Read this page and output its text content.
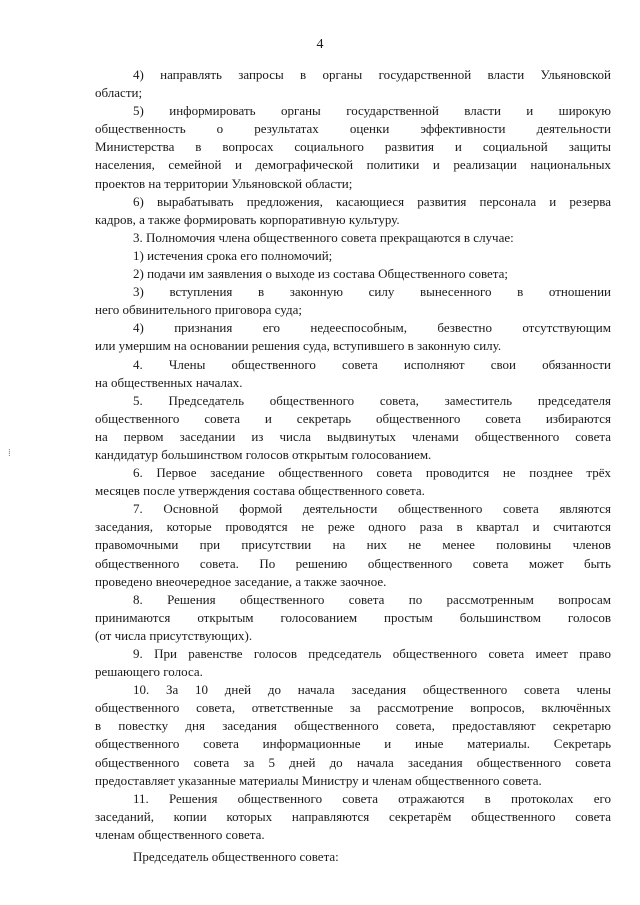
4
⁞
4) направлять запросы в органы государственной власти Ульяновской
области;
5) информировать органы государственной власти и широкую
общественность о результатах оценки эффективности деятельности
Министерства в вопросах социального развития и социальной защиты
населения, семейной и демографической политики и реализации национальных
проектов на территории Ульяновской области;
6) вырабатывать предложения, касающиеся развития персонала и резерва
кадров, а также формировать корпоративную культуру.
3. Полномочия члена общественного совета прекращаются в случае:
1) истечения срока его полномочий;
2) подачи им заявления о выходе из состава Общественного совета;
3) вступления в законную силу вынесенного в отношении
него обвинительного приговора суда;
4) признания его недееспособным, безвестно отсутствующим
или умершим на основании решения суда, вступившего в законную силу.
4. Члены общественного совета исполняют свои обязанности
на общественных началах.
5. Председатель общественного совета, заместитель председателя
общественного совета и секретарь общественного совета избираются
на первом заседании из числа выдвинутых членами общественного совета
кандидатур большинством голосов открытым голосованием.
6. Первое заседание общественного совета проводится не позднее трёх
месяцев после утверждения состава общественного совета.
7. Основной формой деятельности общественного совета являются
заседания, которые проводятся не реже одного раза в квартал и считаются
правомочными при присутствии на них не менее половины членов
общественного совета. По решению общественного совета может быть
проведено внеочередное заседание, а также заочное.
8. Решения общественного совета по рассмотренным вопросам
принимаются открытым голосованием простым большинством голосов
(от числа присутствующих).
9. При равенстве голосов председатель общественного совета имеет право
решающего голоса.
10. За 10 дней до начала заседания общественного совета члены
общественного совета, ответственные за рассмотрение вопросов, включённых
в повестку дня заседания общественного совета, предоставляют секретарю
общественного совета информационные и иные материалы. Секретарь
общественного совета за 5 дней до начала заседания общественного совета
предоставляет указанные материалы Министру и членам общественного совета.
11. Решения общественного совета отражаются в протоколах его
заседаний, копии которых направляются секретарём общественного совета
членам общественного совета.
Председатель общественного совета:
